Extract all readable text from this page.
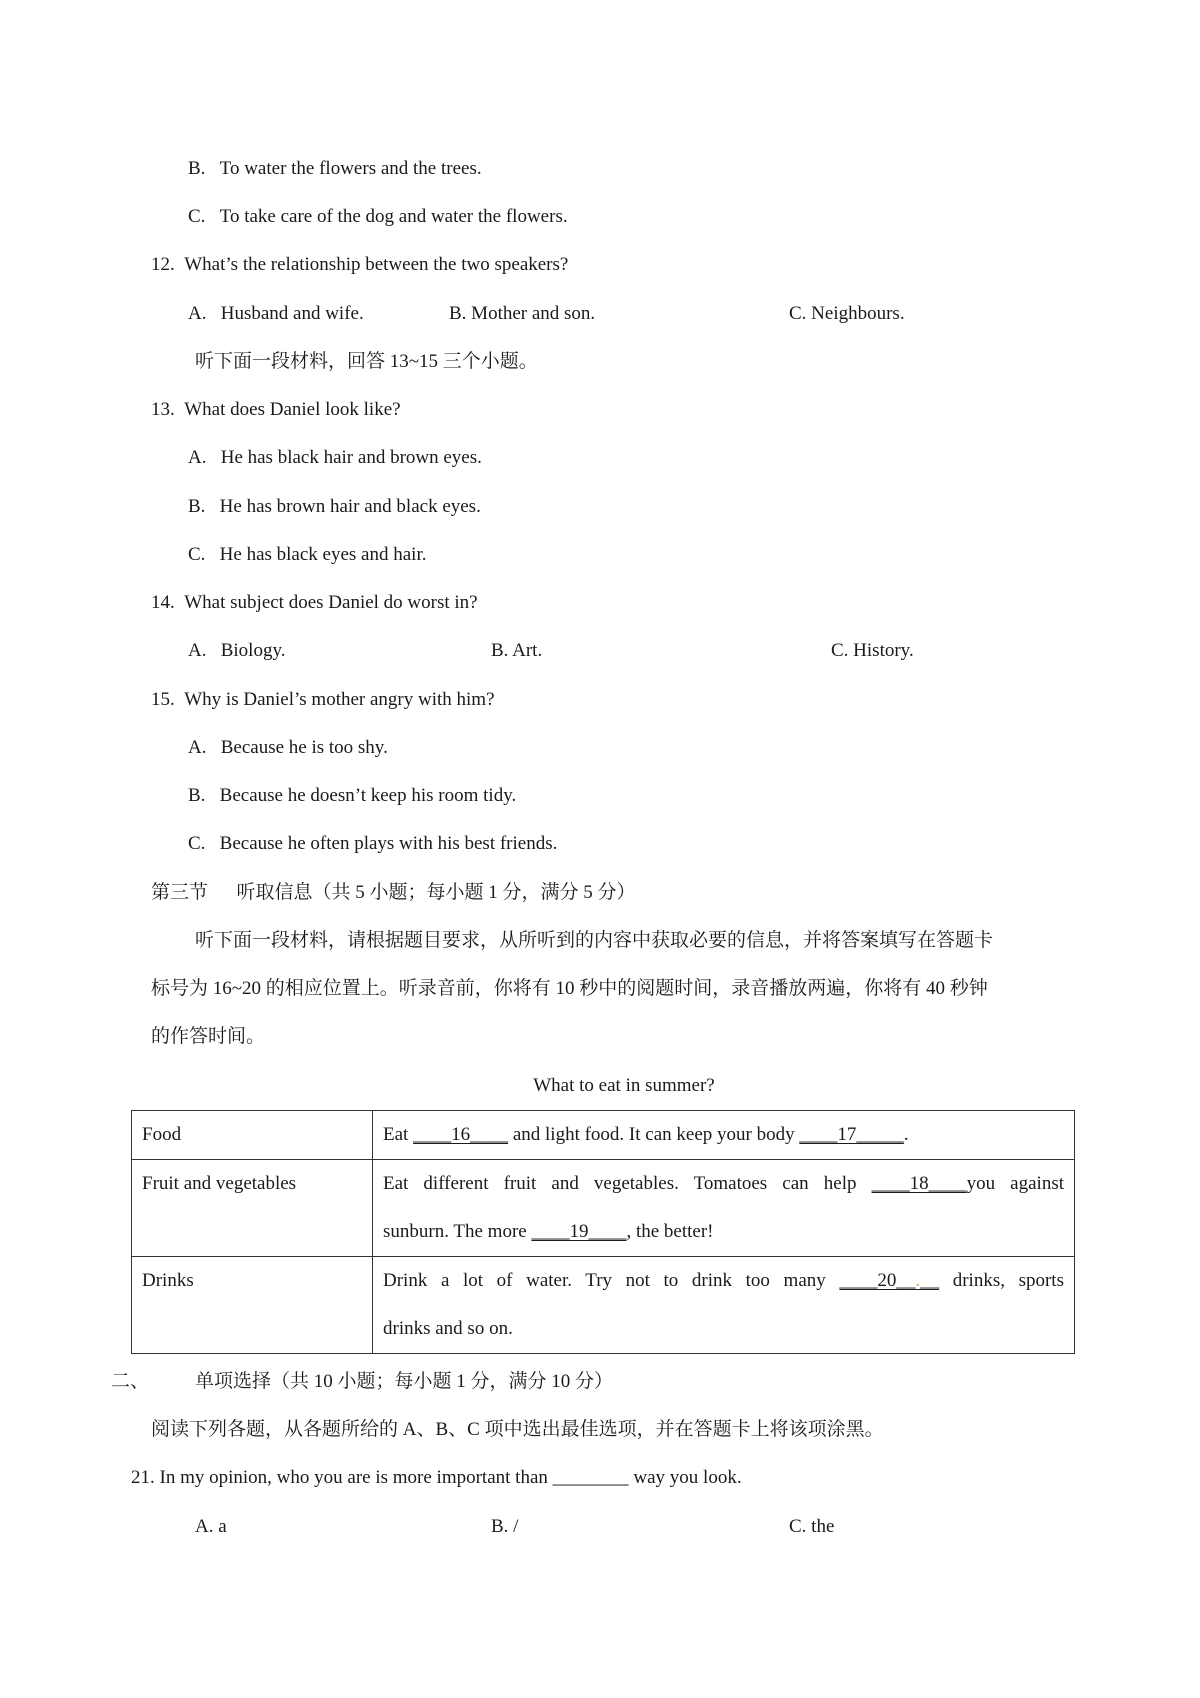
B.   To water the flowers and the trees.
C.   To take care of the dog and water the flowers.
12.  What’s the relationship between the two speakers?
A.   Husband and wife.	B. Mother and son.	C. Neighbours.
听下面一段材料，回答 13~15 三个小题。
13.  What does Daniel look like?
A.   He has black hair and brown eyes.
B.   He has brown hair and black eyes.
C.   He has black eyes and hair.
14.  What subject does Daniel do worst in?
A.   Biology.	B. Art.	C. History.
15.  Why is Daniel’s mother angry with him?
A.   Because he is too shy.
B.   Because he doesn’t keep his room tidy.
C.   Because he often plays with his best friends.
第三节      听取信息（共 5 小题；每小题 1 分，满分 5 分）
听下面一段材料，请根据题目要求，从所听到的内容中获取必要的信息，并将答案填写在答题卡
标号为 16~20 的相应位置上。听录音前，你将有 10 秒中的阅题时间，录音播放两遍，你将有 40 秒钟
的作答时间。
What to eat in summer?
Food	Eat ____16____ and light food. It can keep your body ____17_____.

Fruit and vegetables	Eat different fruit and vegetables. Tomatoes can help ____18____you against
sunburn. The more ____19____, the better!

Drinks	Drink a lot of water. Try not to drink too many ____20__.__ drinks, sports
drinks and so on.
二、 单项选择（共 10 小题；每小题 1 分，满分 10 分）
阅读下列各题，从各题所给的 A、B、C 项中选出最佳选项，并在答题卡上将该项涂黑。
21. In my opinion, who you are is more important than ________ way you look.
A. a	B. /	C. the
